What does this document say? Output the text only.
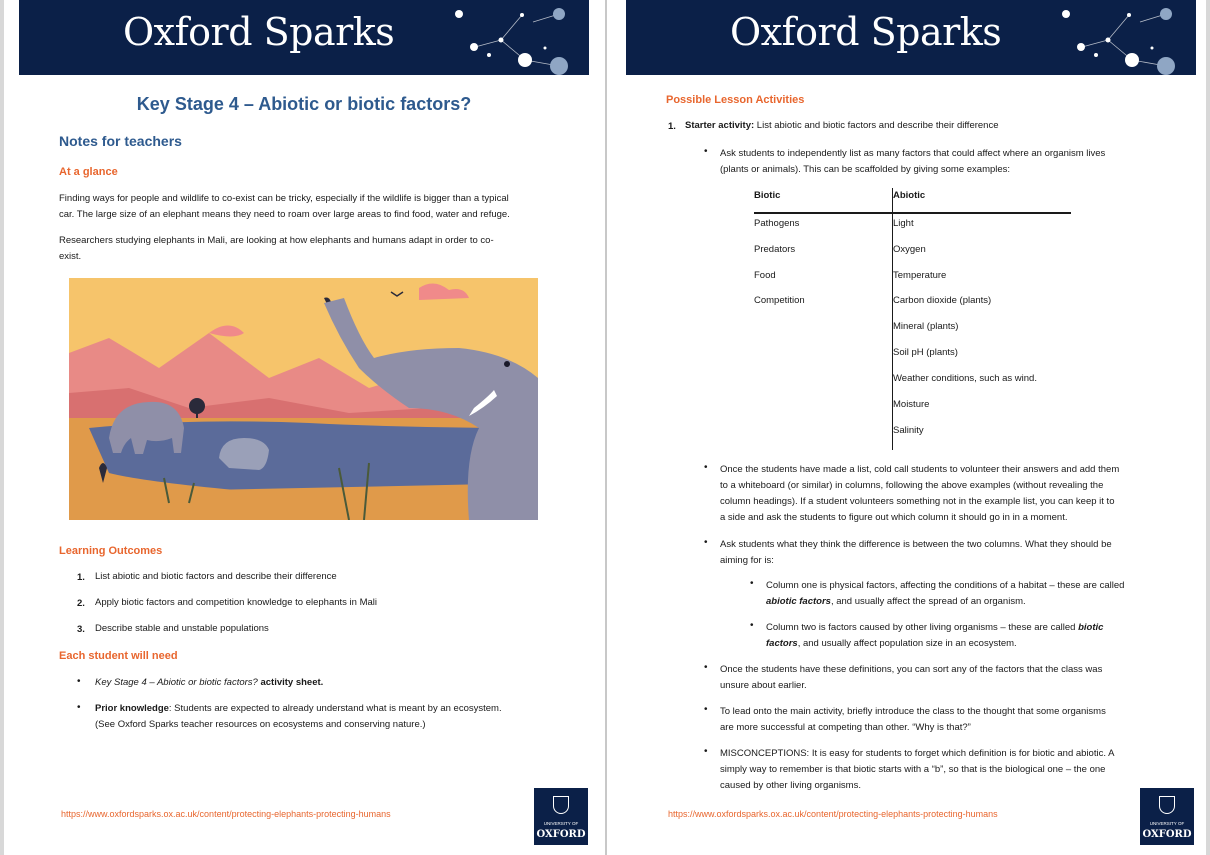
Oxford Sparks
Key Stage 4 – Abiotic or biotic factors?
Notes for teachers
At a glance
Finding ways for people and wildlife to co-exist can be tricky, especially if the wildlife is bigger than a typical
car. The large size of an elephant means they need to roam over large areas to find food, water and refuge.
Researchers studying elephants in Mali, are looking at how elephants and humans adapt in order to co-
exist.
Learning Outcomes
1. List abiotic and biotic factors and describe their difference
2. Apply biotic factors and competition knowledge to elephants in Mali
3. Describe stable and unstable populations
Each student will need
• Key Stage 4 – Abiotic or biotic factors? activity sheet.
• Prior knowledge: Students are expected to already understand what is meant by an ecosystem.
(See Oxford Sparks teacher resources on ecosystems and conserving nature.)
https://www.oxfordsparks.ox.ac.uk/content/protecting-elephants-protecting-humans
UNIVERSITY OF
OXFORD
Oxford Sparks
Possible Lesson Activities
1. Starter activity: List abiotic and biotic factors and describe their difference
• Ask students to independently list as many factors that could affect where an organism lives
(plants or animals). This can be scaffolded by giving some examples:
Biotic	Abiotic
Pathogens
Predators
Food
Competition
Light
Oxygen
Temperature
Carbon dioxide (plants)
Mineral (plants)
Soil pH (plants)
Weather conditions, such as wind.
Moisture
Salinity
• Once the students have made a list, cold call students to volunteer their answers and add them
to a whiteboard (or similar) in columns, following the above examples (without revealing the
column headings). If a student volunteers something not in the example list, you can keep it to
a side and ask the students to figure out which column it should go in in a moment.
• Ask students what they think the difference is between the two columns. What they should be
aiming for is:
• Column one is physical factors, affecting the conditions of a habitat – these are called
abiotic factors, and usually affect the spread of an organism.
• Column two is factors caused by other living organisms – these are called biotic
factors, and usually affect population size in an ecosystem.
• Once the students have these definitions, you can sort any of the factors that the class was
unsure about earlier.
• To lead onto the main activity, briefly introduce the class to the thought that some organisms
are more successful at competing than other. “Why is that?”
• MISCONCEPTIONS: It is easy for students to forget which definition is for biotic and abiotic. A
simply way to remember is that biotic starts with a “b”, so that is the biological one – the one
caused by other living organisms.
https://www.oxfordsparks.ox.ac.uk/content/protecting-elephants-protecting-humans
UNIVERSITY OF
OXFORD
